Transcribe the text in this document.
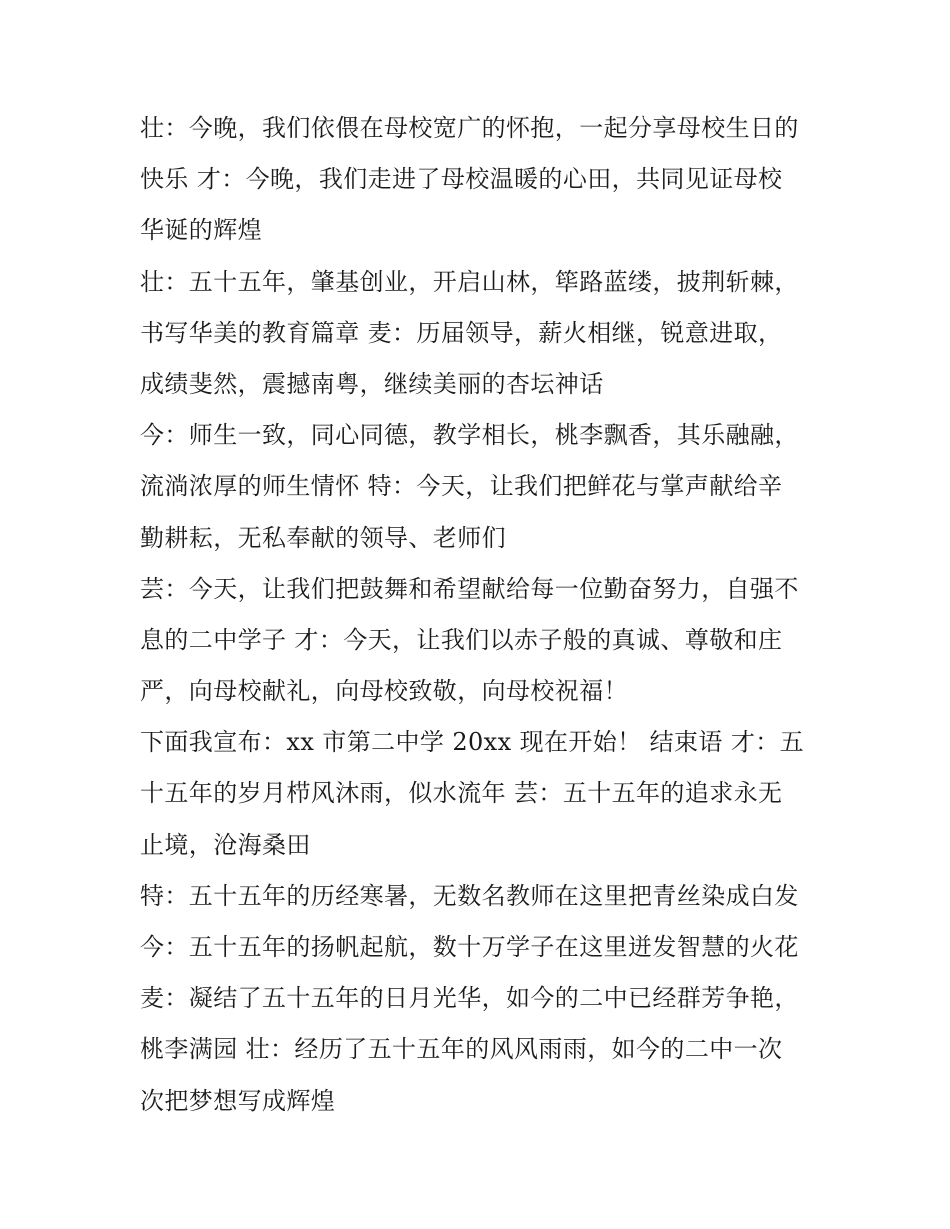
壮：今晚，我们依偎在母校宽广的怀抱，一起分享母校生日的
快乐 才：今晚，我们走进了母校温暖的心田，共同见证母校
华诞的辉煌
壮：五十五年，肇基创业，开启山林，筚路蓝缕，披荆斩棘，
书写华美的教育篇章 麦：历届领导，薪火相继，锐意进取，
成绩斐然，震撼南粤，继续美丽的杏坛神话
今：师生一致，同心同德，教学相长，桃李飘香，其乐融融，
流淌浓厚的师生情怀 特：今天，让我们把鲜花与掌声献给辛
勤耕耘，无私奉献的领导、老师们
芸：今天，让我们把鼓舞和希望献给每一位勤奋努力，自强不
息的二中学子 才：今天，让我们以赤子般的真诚、尊敬和庄
严，向母校献礼，向母校致敬，向母校祝福！
下面我宣布：xx 市第二中学 20xx 现在开始！ 结束语 才：五
十五年的岁月栉风沐雨，似水流年 芸：五十五年的追求永无
止境，沧海桑田
特：五十五年的历经寒暑，无数名教师在这里把青丝染成白发
今：五十五年的扬帆起航，数十万学子在这里迸发智慧的火花
麦：凝结了五十五年的日月光华，如今的二中已经群芳争艳，
桃李满园 壮：经历了五十五年的风风雨雨，如今的二中一次
次把梦想写成辉煌
